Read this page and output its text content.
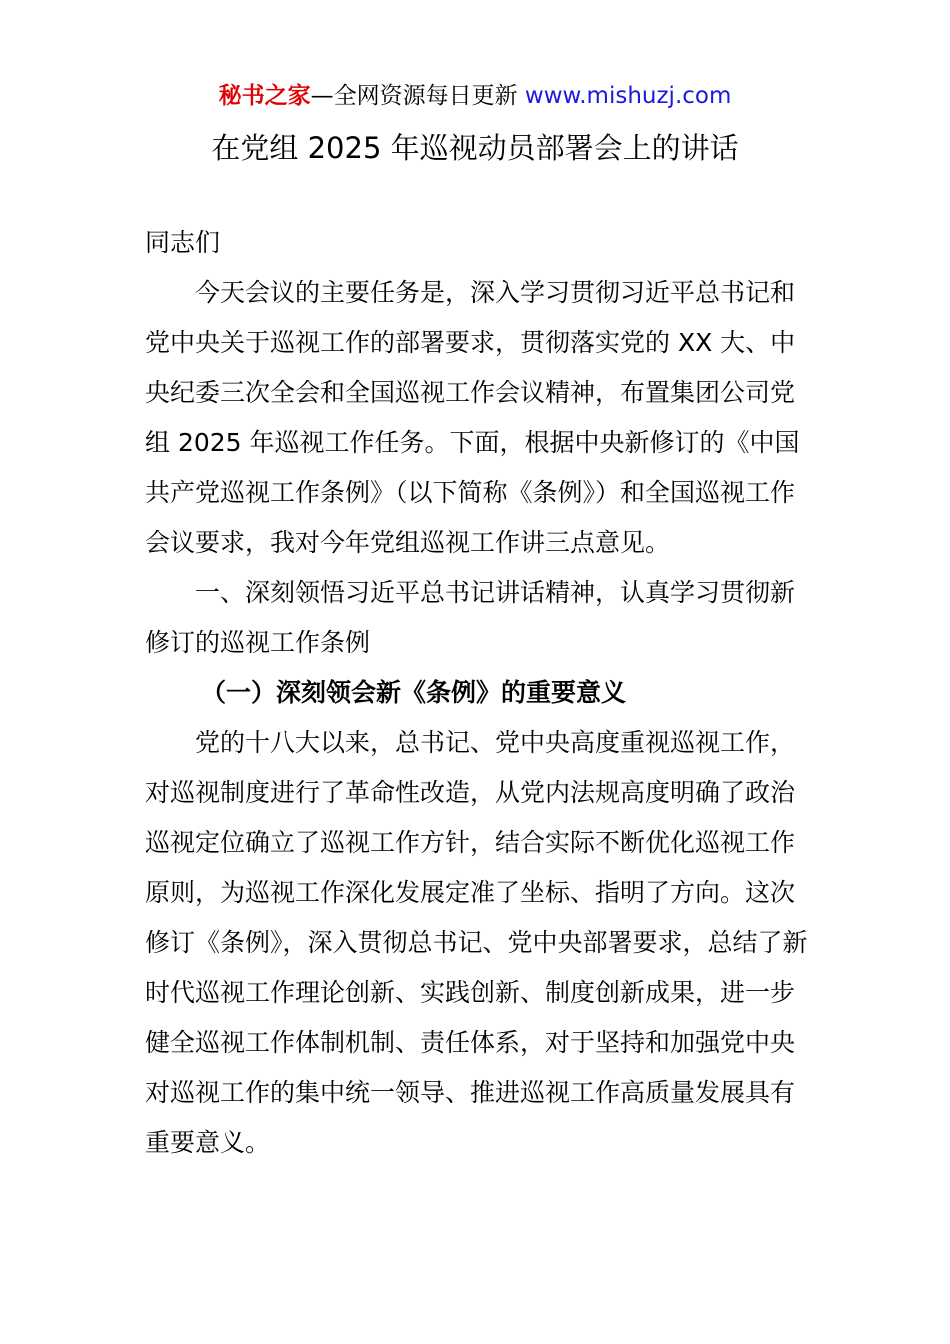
秘书之家—全网资源每日更新 www.mishuzj.com
在党组 2025 年巡视动员部署会上的讲话

同志们

今天会议的主要任务是，深入学习贯彻习近平总书记和党中央关于巡视工作的部署要求，贯彻落实党的 XX 大、中央纪委三次全会和全国巡视工作会议精神，布置集团公司党组 2025 年巡视工作任务。下面，根据中央新修订的《中国共产党巡视工作条例》（以下简称《条例》）和全国巡视工作会议要求，我对今年党组巡视工作讲三点意见。

一、深刻领悟习近平总书记讲话精神，认真学习贯彻新修订的巡视工作条例

（一）深刻领会新《条例》的重要意义

党的十八大以来，总书记、党中央高度重视巡视工作，对巡视制度进行了革命性改造，从党内法规高度明确了政治巡视定位确立了巡视工作方针，结合实际不断优化巡视工作原则，为巡视工作深化发展定准了坐标、指明了方向。这次修订《条例》，深入贯彻总书记、党中央部署要求，总结了新时代巡视工作理论创新、实践创新、制度创新成果，进一步健全巡视工作体制机制、责任体系，对于坚持和加强党中央对巡视工作的集中统一领导、推进巡视工作高质量发展具有重要意义。
